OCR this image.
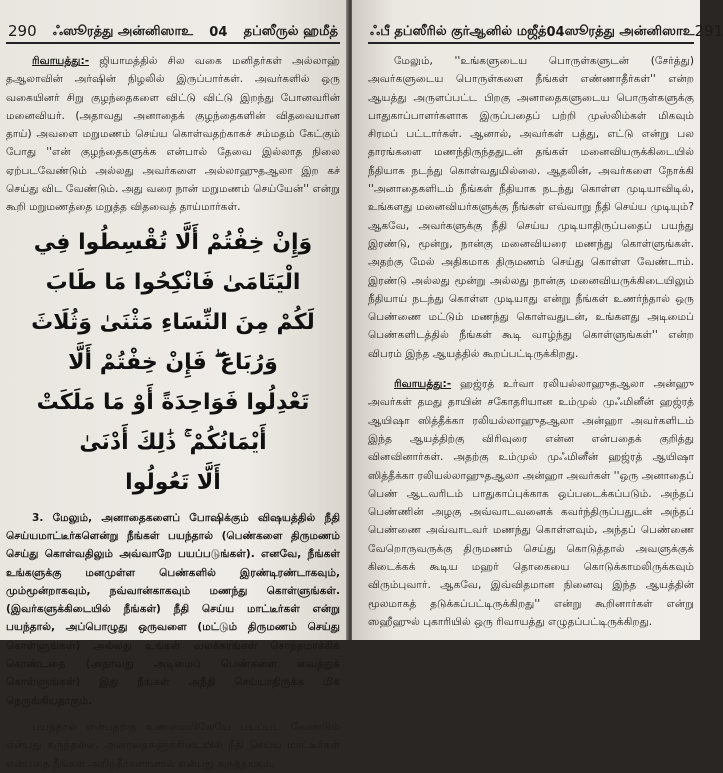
290 ஃஸூரத்து அன்னிஸாஉ 04 தப்ஸீருல் ஹமீத்

ரிவாயத்து:- ஜியாமத்தில் சில வகை மனிதர்கள் அல்லாஹ் தஆலாவின் அர்ஷின் நிழலில் இருப்பார்கள். அவர்களில் ஒரு வகையினர் சிறு குழந்தைகளை விட்டு விட்டு இறந்து போனவரின் மனைவியர். (அதாவது அனாதைக் குழந்தைகளின் விதவையான தாய்) அவளை மறுமணம் செய்ய கொள்வதற்காகச் சம்மதம் கேட்கும் போது ''என் குழந்தைகளுக்க என்பால் தேவை இல்லாத நிலை ஏற்படவேண்டும் அல்லது அவர்களை அல்லாஹுதஆலா இற கச் செய்து விட வேண்டும். அது வரை நான் மறுமணம் செய்யேன்'' என்று கூறி மறுமணத்தை மறுத்த விதவைத் தாய்மார்கள்.

وَإِنْ خِفْتُمْ أَلَّا تُقْسِطُوا فِي الْيَتَامَىٰ فَانْكِحُوا مَا طَابَ
لَكُمْ مِنَ النِّسَاءِ مَثْنَىٰ وَثُلَاثَ وَرُبَاعَ ۖ فَإِنْ خِفْتُمْ أَلَّا
تَعْدِلُوا فَوَاحِدَةً أَوْ مَا مَلَكَتْ أَيْمَانُكُمْ ۚ ذَٰلِكَ أَدْنَىٰ
أَلَّا تَعُولُوا

3. மேலும், அனாதைகளைப் போஷிக்கும் விஷயத்தில் நீதி செய்யமாட்டீர்களென்று நீங்கள் பயந்தால் (பெண்களை திருமணம் செய்து கொள்வதிலும் அவ்வாறே பயப்படுங்கள்). எனவே, நீங்கள் உங்களுக்கு மனமுள்ள பெண்களில் இரண்டிரண்டாகவும், மும்மூன்றாகவும், நவ்வான்காகவும் மணந்து கொள்ளுங்கள். (இவர்களுக்கிடையில் நீங்கள்) நீதி செய்ய மாட்டீர்கள் என்று பயந்தால், அப்பொழுது ஒருவளை (மட்டும் திருமணம் செய்து கொள்ளுங்கள்) அல்லது உங்கள் வலக்கரங்கள் சொந்தமாக்கிக் கொண்டதை (அதாவது அடிமைப் பெண்களை வைத்துக் கொள்ளுங்கள்) இது நீங்கள் அநீதி செய்யாதிருக்க மிக நெருங்கியதாகும்.

பயந்தால் என்பதற்கு உண்மையிலேயே பயப்பட வேண்டும் என்பது கருத்தல்ல. அனாதைகளுக்கிடையில் நீதி செய்ய மாட்டீர்கள் என்பதை நீங்கள் அறிந்தீர்களானால் என்பது கருத்தாகும்.

ஃபீ தப்ஸீரில் குர்ஆனில் மஜீத் 04 ஸூரத்து அன்னிஸாஉ 291

மேலும், ''உங்களுடைய பொருள்களுடன் (சேர்த்து) அவர்களுடைய பொருள்களை நீங்கள் எண்ணாதீர்கள்'' என்ற ஆயத்து அருளப்பட்ட பிறகு அனாதைகளுடைய பொருள்களுக்கு பாதுகாப்பாளர்களாக இருப்பதைப் பற்றி முஸ்லிம்கள் மிகவும் சிரமப் பட்டார்கள். ஆனால், அவர்கள் பத்து, எட்டு என்று பல தாரங்களை மணந்திருந்ததுடன் தங்கள் மனைவியருக்கிடையில் நீதியாக நடந்து கொள்வதுமில்லை. ஆதலின், அவர்களை நோக்கி ''அனாதைகளிடம் நீங்கள் நீதியாக நடந்து கொள்ள முடியாவிடில், உங்களது மனைவியர்களுக்கு நீங்கள் எவ்வாறு நீதி செய்ய முடியும்? ஆகவே, அவர்களுக்கு நீதி செய்ய முடியாதிருப்பதைப் பயந்து இரண்டு, மூன்று, நான்கு மனைவியரை மணந்து கொள்ளுங்கள். அதற்கு மேல் அதிகமாக திருமணம் செய்து கொள்ள வேண்டாம். இரண்டு அல்லது மூன்று அல்லது நான்கு மனைவியருக்கிடையிலும் நீதியாய் நடந்து கொள்ள முடியாது என்று நீங்கள் உணர்ந்தால் ஒரு பெண்ணை மட்டும் மணந்து கொள்வதுடன், உங்களது அடிமைப் பெண்களிடத்தில் நீங்கள் கூடி வாழ்ந்து கொள்ளுங்கள்'' என்ற விபரம் இந்த ஆயத்தில் கூறப்பட்டிருக்கிறது.

ரிவாயத்து:- ஹஜ்ரத் உர்வா ரலியல்லாஹுதஆலா அன்ஹு அவர்கள் தமது தாயின் சகோதரியான உம்முல் முஃமினீன் ஹஜ்ரத் ஆயிஷா ஸித்தீக்கா ரலியல்லாஹுதஆலா அன்ஹா அவர்களிடம் இந்த ஆயத்திற்கு விரிவுரை என்ன என்பதைக் குறித்து வினவினார்கள். அதற்கு உம்முல் முஃமினீன் ஹஜ்ரத் ஆயிஷா ஸித்தீக்கா ரலியல்லாஹுதஆலா அன்ஹா அவர்கள் ''ஒரு அனாதைப் பெண் ஆடவரிடம் பாதுகாப்புக்காக ஒப்படைக்கப்படும். அந்தப் பெண்ணின் அழகு அவ்வாடவனைக் கவர்ந்திருப்பதுடன் அந்தப் பெண்ணை அவ்வாடவர் மணந்து கொள்ளவும், அந்தப் பெண்ணை வேறொருவருக்கு திருமணம் செய்து கொடுத்தால் அவளுக்குக் கிடைக்கக் கூடிய மஹர் தொகையை கொடுக்காமலிருக்கவும் விரும்புவார். ஆகவே, இவ்விதமான நினைவு இந்த ஆயத்தின் மூலமாகத் தடுக்கப்பட்டிருக்கிறது'' என்று கூறினார்கள் என்று ஸஹீஹுல் புகாரியில் ஒரு ரிவாயத்து எழுதப்பட்டிருக்கிறது.
